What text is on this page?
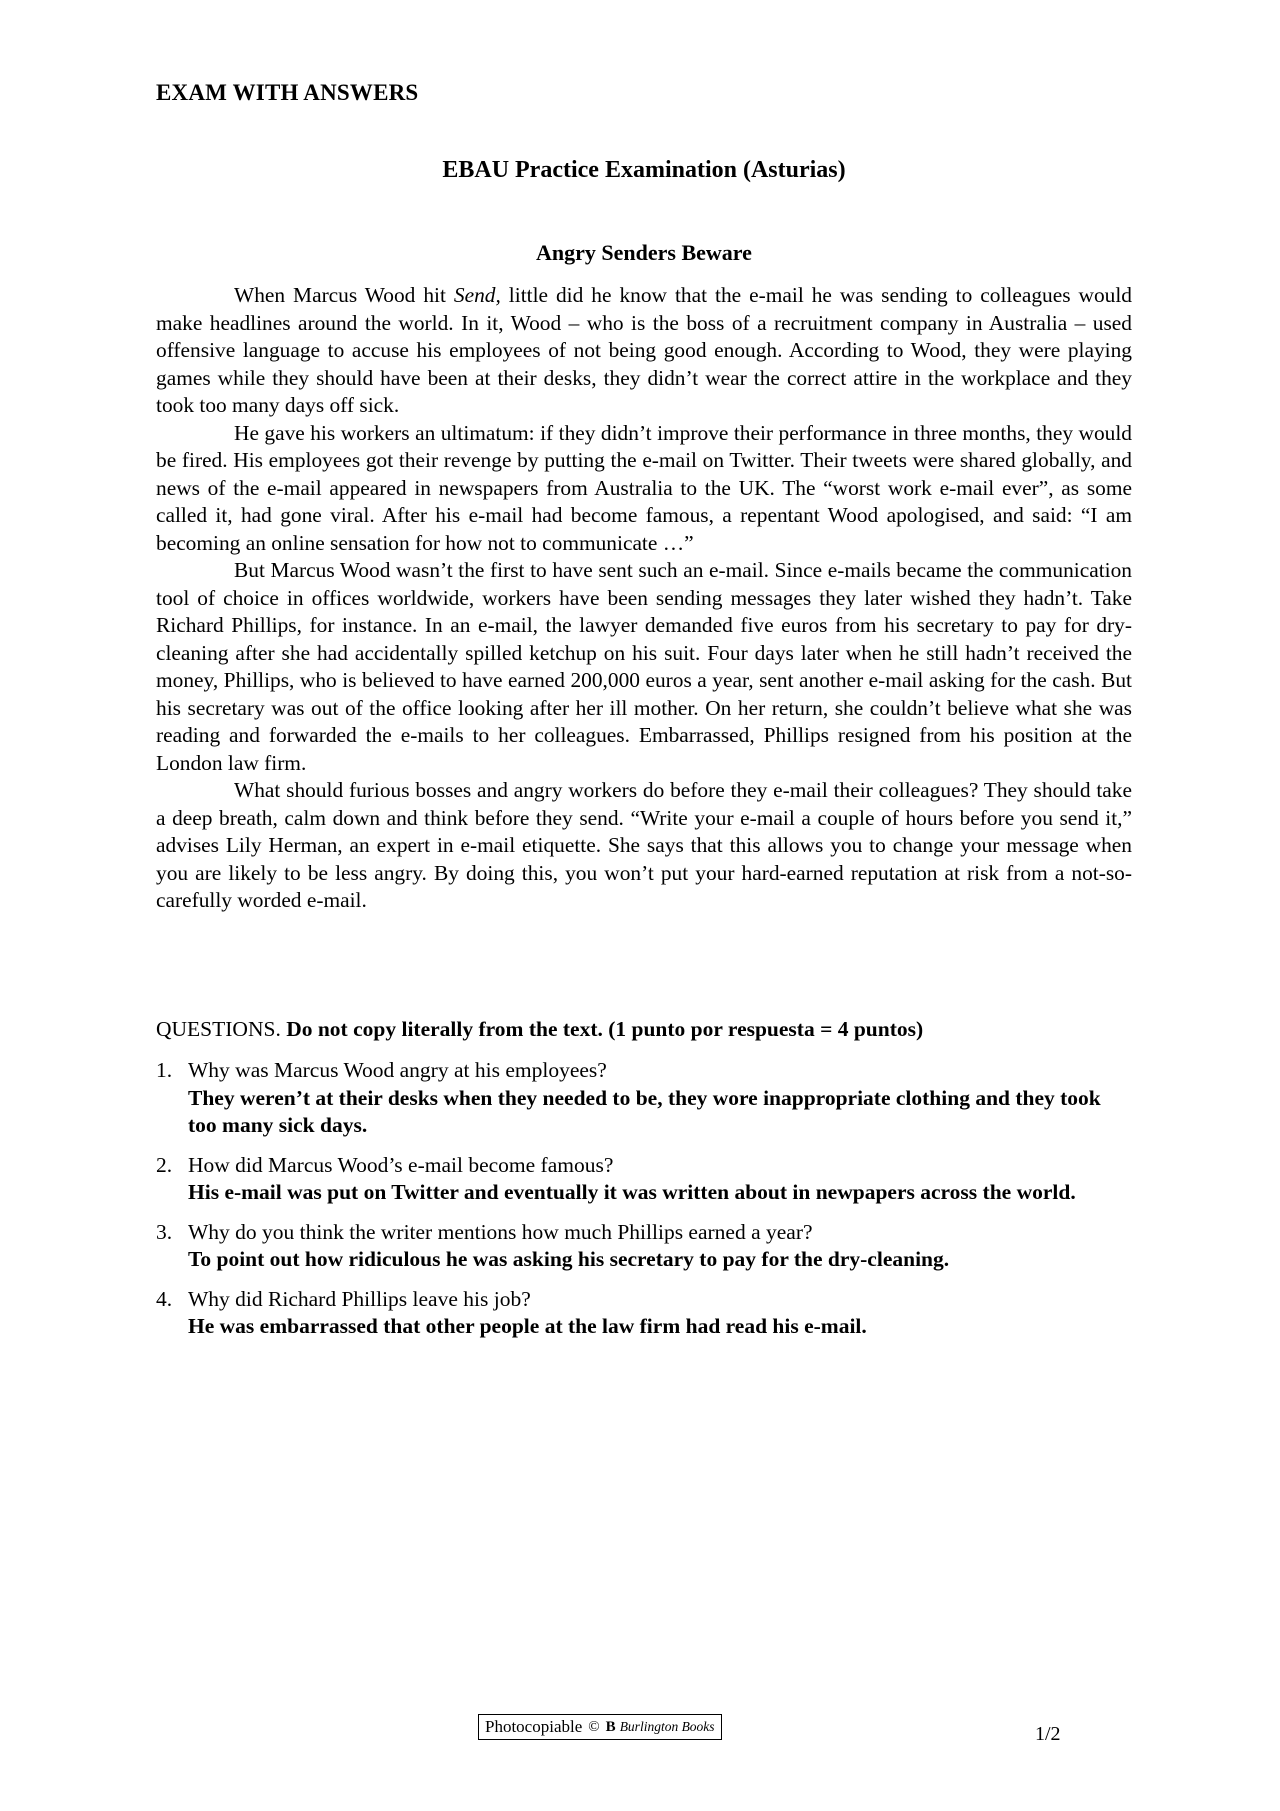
EXAM WITH ANSWERS
EBAU Practice Examination (Asturias)
Angry Senders Beware

When Marcus Wood hit Send, little did he know that the e-mail he was sending to colleagues would make headlines around the world. In it, Wood – who is the boss of a recruitment company in Australia – used offensive language to accuse his employees of not being good enough. According to Wood, they were playing games while they should have been at their desks, they didn’t wear the correct attire in the workplace and they took too many days off sick.

He gave his workers an ultimatum: if they didn’t improve their performance in three months, they would be fired. His employees got their revenge by putting the e-mail on Twitter. Their tweets were shared globally, and news of the e-mail appeared in newspapers from Australia to the UK. The “worst work e-mail ever”, as some called it, had gone viral. After his e-mail had become famous, a repentant Wood apologised, and said: “I am becoming an online sensation for how not to communicate …”

But Marcus Wood wasn’t the first to have sent such an e-mail. Since e-mails became the communication tool of choice in offices worldwide, workers have been sending messages they later wished they hadn’t. Take Richard Phillips, for instance. In an e-mail, the lawyer demanded five euros from his secretary to pay for dry-cleaning after she had accidentally spilled ketchup on his suit. Four days later when he still hadn’t received the money, Phillips, who is believed to have earned 200,000 euros a year, sent another e-mail asking for the cash. But his secretary was out of the office looking after her ill mother. On her return, she couldn’t believe what she was reading and forwarded the e-mails to her colleagues. Embarrassed, Phillips resigned from his position at the London law firm.

What should furious bosses and angry workers do before they e-mail their colleagues? They should take a deep breath, calm down and think before they send. “Write your e-mail a couple of hours before you send it,” advises Lily Herman, an expert in e-mail etiquette. She says that this allows you to change your message when you are likely to be less angry. By doing this, you won’t put your hard-earned reputation at risk from a not-so-carefully worded e-mail.

QUESTIONS. Do not copy literally from the text. (1 punto por respuesta = 4 puntos)
1. Why was Marcus Wood angry at his employees?
They weren’t at their desks when they needed to be, they wore inappropriate clothing and they took too many sick days.
2. How did Marcus Wood’s e-mail become famous?
His e-mail was put on Twitter and eventually it was written about in newpapers across the world.
3. Why do you think the writer mentions how much Phillips earned a year?
To point out how ridiculous he was asking his secretary to pay for the dry-cleaning.
4. Why did Richard Phillips leave his job?
He was embarrassed that other people at the law firm had read his e-mail.
Photocopiable © B Burlington Books	1/2
